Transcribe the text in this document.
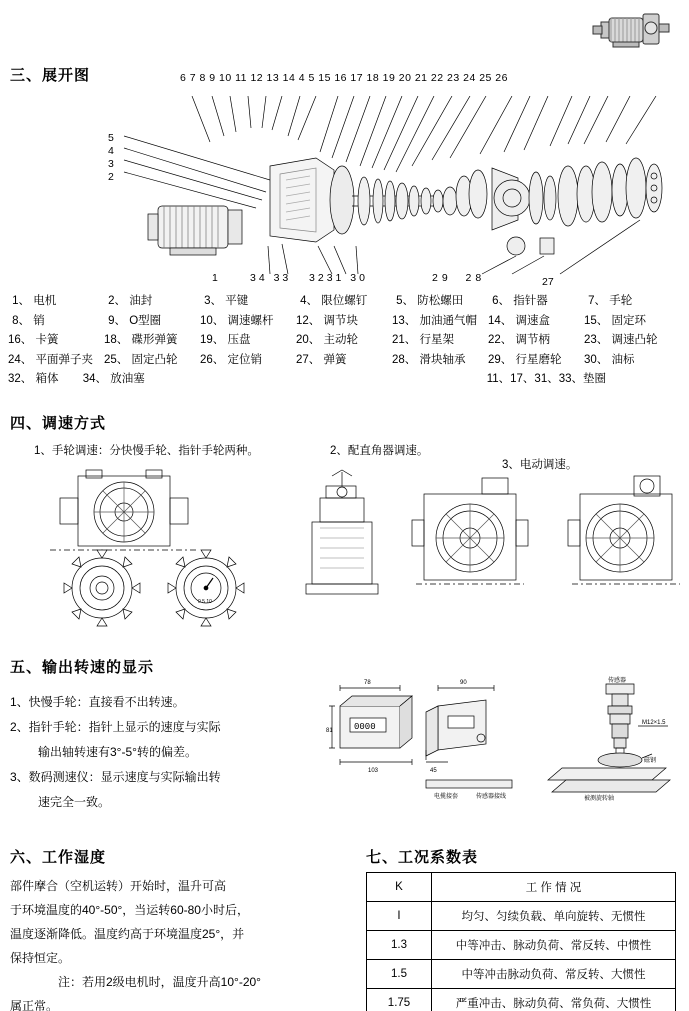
三、展开图	6 7 8 9 10 11 12 13 14 4 5 15 16 17 18 19 20 21 22 23 24 25 26
5
4
3
2
34 33   3231 30	29  28	27
1
1、 电机	2、 油封	3、 平键	4、 限位螺钉	5、 防松螺田	6、 指针器	7、 手轮
8、 销	9、 O型圈	10、 调速螺杆	12、 调节块	13、 加油通气帽 14、 调速盒	15、 固定环
16、 卡簧	18、 碟形弹簧	19、 压盘	20、 主动轮	21、 行星架	22、 调节柄	23、 调速凸轮
24、 平面弹子夹 25、 固定凸轮	26、 定位销	27、 弹簧	28、 滑块轴承	29、 行星磨轮	30、 油标
32、 箱体	34、 放油塞	11、17、31、33、垫圈
四、调速方式
1、手轮调速：分快慢手轮、指针手轮两种。	2、配直角器调速。
3、电动调速。
0 5 10
五、输出转速的显示
1、快慢手轮：直接看不出转速。
2、指针手轮：指针上显示的速度与实际
输出轴转速有3°-5°转的偏差。
3、数码测速仪：显示速度与实际输出转
速完全一致。
0000
78
81
103
90
45
电揽接套	传感器接线
传感器
M12×1.5
被测旋转轴
磁钢
六、工作湿度
部件摩合（空机运转）开始时，温升可高
于环境温度的40°-50°，当运转60-80小时后，
温度逐渐降低。温度约高于环境温度25°，并
保持恒定。
注：若用2级电机时，温度升高10°-20°
属正常。
七、工况系数表
K	工 作 情 况
I	均匀、匀续负载、单向旋转、无惯性
1.3	中等冲击、脉动负荷、常反转、中惯性
1.5	中等冲击脉动负荷、常反转、大惯性
1.75	严重冲击、脉动负荷、常负荷、大惯性
